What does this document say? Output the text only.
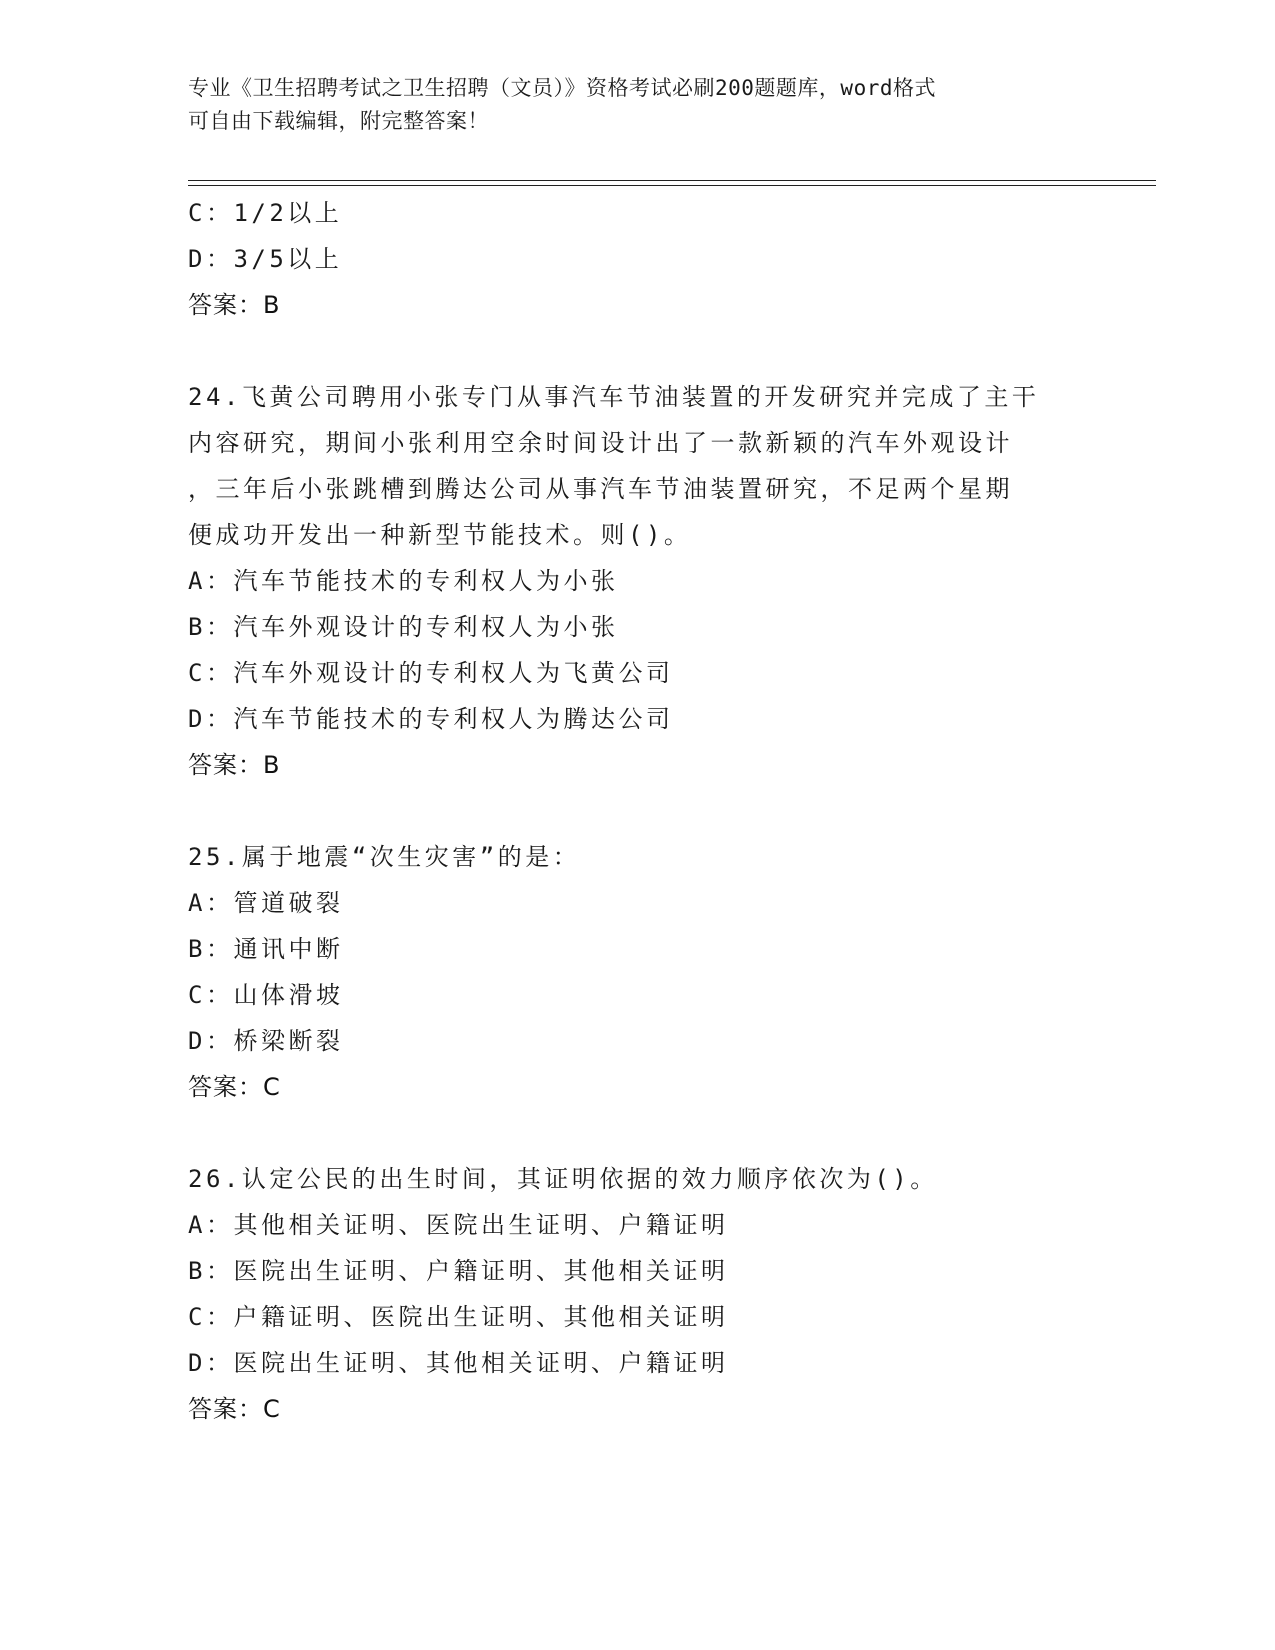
专业《卫生招聘考试之卫生招聘（文员）》资格考试必刷200题题库，word格式
可自由下载编辑，附完整答案！
C：1/2以上
D：3/5以上
答案：B
24.飞黄公司聘用小张专门从事汽车节油装置的开发研究并完成了主干
内容研究，期间小张利用空余时间设计出了一款新颖的汽车外观设计
，三年后小张跳槽到腾达公司从事汽车节油装置研究，不足两个星期
便成功开发出一种新型节能技术。则()。
A：汽车节能技术的专利权人为小张
B：汽车外观设计的专利权人为小张
C：汽车外观设计的专利权人为飞黄公司
D：汽车节能技术的专利权人为腾达公司
答案：B
25.属于地震“次生灾害”的是：
A：管道破裂
B：通讯中断
C：山体滑坡
D：桥梁断裂
答案：C
26.认定公民的出生时间，其证明依据的效力顺序依次为()。
A：其他相关证明、医院出生证明、户籍证明
B：医院出生证明、户籍证明、其他相关证明
C：户籍证明、医院出生证明、其他相关证明
D：医院出生证明、其他相关证明、户籍证明
答案：C
